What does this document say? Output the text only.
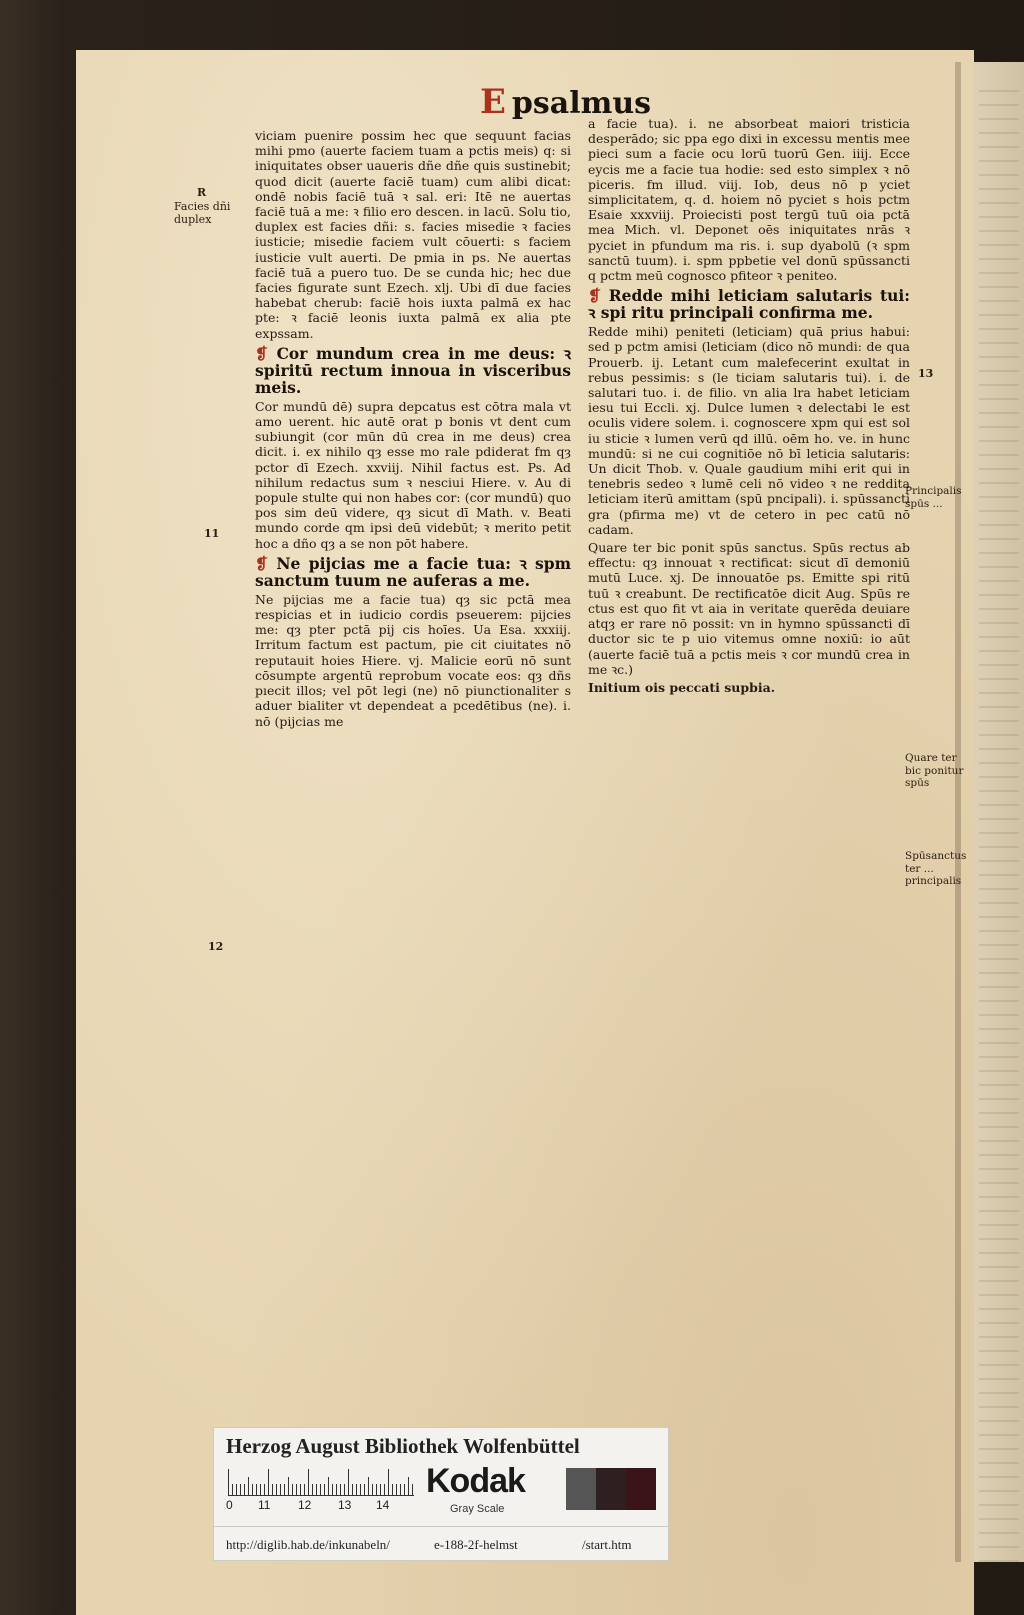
E psalmus
R
Facies dñi duplex
11
12
13
Principalis spūs ...
Quare ter bic ponitur spūs
Spūsanctus ter ... principalis

viciam puenire possim hec que sequunt facias mihi pmo (auerte faciem tuam a pctis meis) q: si iniquitates obser uaueris dñe dñe quis sustinebit; quod dicit (auerte faciē tuam) cum alibi dicat: ondē nobis faciē tuā ꝛ sal. eri: Itē ne auertas faciē tuā a me: ꝛ filio ero descen. in lacū. Solu tio, duplex est facies dñi: s. facies misedie ꝛ facies iusticie; misedie faciem vult cōuerti: s faciem iusticie vult auerti. De pmia in ps. Ne auertas faciē tuā a puero tuo. De se cunda hic; hec due facies figurate sunt Ezech. xlj. Ubi dī due facies habebat cherub: faciē hois iuxta palmā ex hac pte: ꝛ faciē leonis iuxta palmā ex alia pte expssam.

❡ Cor mundum crea in me deus: ꝛ spiritū rectum innoua in visceribus meis.

Cor mundū dē) supra depcatus est cōtra mala vt amo uerent. hic autē orat p bonis vt dent cum subiungit (cor mūn dū crea in me deus) crea dicit. i. ex nihilo qȝ esse mo rale pdiderat fm qȝ pctor dī Ezech. xxviij. Nihil factus est. Ps. Ad nihilum redactus sum ꝛ nesciui Hiere. v. Au di popule stulte qui non habes cor: (cor mundū) quo pos sim deū videre, qȝ sicut dī Math. v. Beati mundo corde qm ipsi deū videbūt; ꝛ merito petit hoc a dño qȝ a se non pōt habere.

❡ Ne pijcias me a facie tua: ꝛ spm sanctum tuum ne auferas a me.

Ne pijcias me a facie tua) qȝ sic pctā mea respicias et in iudicio cordis pseuerem: pijcies me: qȝ pter pctā pij cis hoīes. Ua Esa. xxxiij. Irritum factum est pactum, pie cit ciuitates nō reputauit hoies Hiere. vj. Malicie eorū nō sunt cōsumpte argentū reprobum vocate eos: qȝ dñs pıecit illos; vel pōt legi (ne) nō piunctionaliter s aduer bialiter vt dependeat a pcedētibus (ne). i. nō (pijcias me

a facie tua). i. ne absorbeat maiori tristicia desperādo; sic ppa ego dixi in excessu mentis mee pieci sum a facie ocu lorū tuorū Gen. iiij. Ecce eycis me a facie tua hodie: sed esto simplex ꝛ nō piceris. fm illud. viij. Iob, deus nō p yciet simplicitatem, q. d. hoiem nō pyciet s hois pctm Esaie xxxviij. Proiecisti post tergū tuū oia pctā mea Mich. vl. Deponet oēs iniquitates nrās ꝛ pyciet in pfundum ma ris. i. sup dyabolū (ꝛ spm sanctū tuum). i. spm ppbetie vel donū spūssancti q pctm meū cognosco pfiteor ꝛ peniteo.

❡ Redde mihi leticiam salutaris tui: ꝛ spi ritu principali confirma me.

Redde mihi) peniteti (leticiam) quā prius habui: sed p pctm amisi (leticiam (dico nō mundi: de qua Prouerb. ij. Letant cum malefecerint exultat in rebus pessimis: s (le ticiam salutaris tui). i. de salutari tuo. i. de filio. vn alia lra habet leticiam iesu tui Eccli. xj. Dulce lumen ꝛ delectabi le est oculis videre solem. i. cognoscere xpm qui est sol iu sticie ꝛ lumen verū qd illū. oēm ho. ve. in hunc mundū: si ne cui cognitiōe nō bī leticia salutaris: Un dicit Thob. v. Quale gaudium mihi erit qui in tenebris sedeo ꝛ lumē celi nō video ꝛ ne reddita leticiam iterū amittam (spū pncipali). i. spūssancti gra (pfirma me) vt de cetero in pec catū nō cadam.

Quare ter bic ponit spūs sanctus. Spūs rectus ab effectu: qȝ innouat ꝛ rectificat: sicut dī demoniū mutū Luce. xj. De innouatōe ps. Emitte spi ritū tuū ꝛ creabunt. De rectificatōe dicit Aug. Spūs re ctus est quo fit vt aia in veritate querēda deuiare atqȝ er rare nō possit: vn in hymno spūssancti dī ductor sic te p uio vitemus omne noxiū: io aūt (auerte faciē tuā a pctis meis ꝛ cor mundū crea in me ꝛc.)

Initium ois peccati supbia.

Herzog August Bibliothek Wolfenbüttel
0 11 12 13 14
Kodak
Gray Scale
http://diglib.hab.de/inkunabeln/	e-188-2f-helmst	/start.htm
